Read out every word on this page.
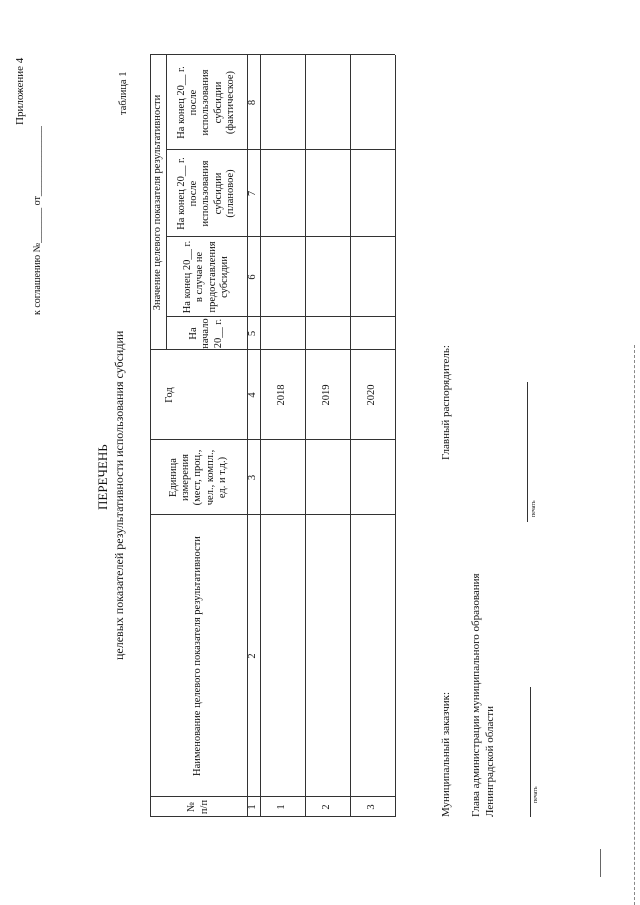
Приложение 4
к соглашению №_______ от______________
ПЕРЕЧЕНЬ целевых показателей результативности использования субсидии
таблица 1
№ п/п
Наименование целевого показателя результативности
Единица измерения (мест, проц., чел., компл., ед. и т.д.)
Год
Значение целевого показателя результативности
На начало 20__ г.
На конец 20__ г. в случае не предоставления субсидии
На конец 20__ г. после использования субсидии (плановое)
На конец 20__ г. после использования субсидии (фактическое)
1
2
3
4
5
6
7
8
1
2018
2
2019
3
2020
Муниципальный заказчик: Глава администрации муниципального образования Ленинградской области	печать
Главный распорядитель:
печать
